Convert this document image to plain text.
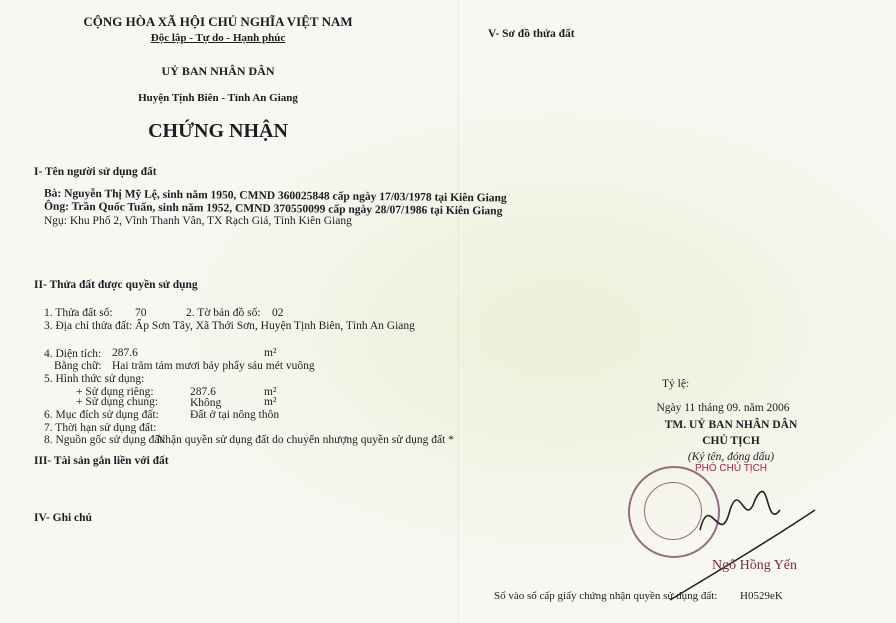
CỘNG HÒA XÃ HỘI CHỦ NGHĨA VIỆT NAM
Độc lập - Tự do - Hạnh phúc
UỶ BAN NHÂN DÂN
Huyện Tịnh Biên - Tỉnh An Giang
CHỨNG NHẬN
I- Tên người sử dụng đất
Bà: Nguyễn Thị Mỹ Lệ, sinh năm 1950, CMND 360025848 cấp ngày 17/03/1978 tại Kiên Giang
Ông: Trần Quốc Tuấn, sinh năm 1952, CMND 370550099 cấp ngày 28/07/1986 tại Kiên Giang
Ngụ: Khu Phố 2, Vĩnh Thanh Vân, TX Rạch Giá, Tỉnh Kiên Giang
II- Thửa đất được quyền sử dụng
1. Thửa đất số: 70	2. Tờ bản đồ số: 02
3. Địa chỉ thửa đất: Ấp Sơn Tây, Xã Thới Sơn, Huyện Tịnh Biên, Tỉnh An Giang
4. Diện tích: 287.6	m²
Bằng chữ: Hai trăm tám mươi bảy phẩy sáu mét vuông
5. Hình thức sử dụng:
+ Sử dụng riêng:	287.6	m²
+ Sử dụng chung:	Không	m²
6. Mục đích sử dụng đất:	Đất ở tại nông thôn
7. Thời hạn sử dụng đất:
8. Nguồn gốc sử dụng đất:
Nhận quyền sử dụng đất do chuyển nhượng quyền sử dụng đất *
III- Tài sản gắn liền với đất
IV- Ghi chú
V- Sơ đồ thửa đất
Tỷ lệ:
Ngày 11 tháng 09. năm 2006
TM. UỶ BAN NHÂN DÂN
CHỦ TỊCH
(Ký tên, đóng dấu)
PHÓ CHỦ TỊCH
Ngô Hồng Yến
Số vào sổ cấp giấy chứng nhận quyền sử dụng đất: H0529eK
